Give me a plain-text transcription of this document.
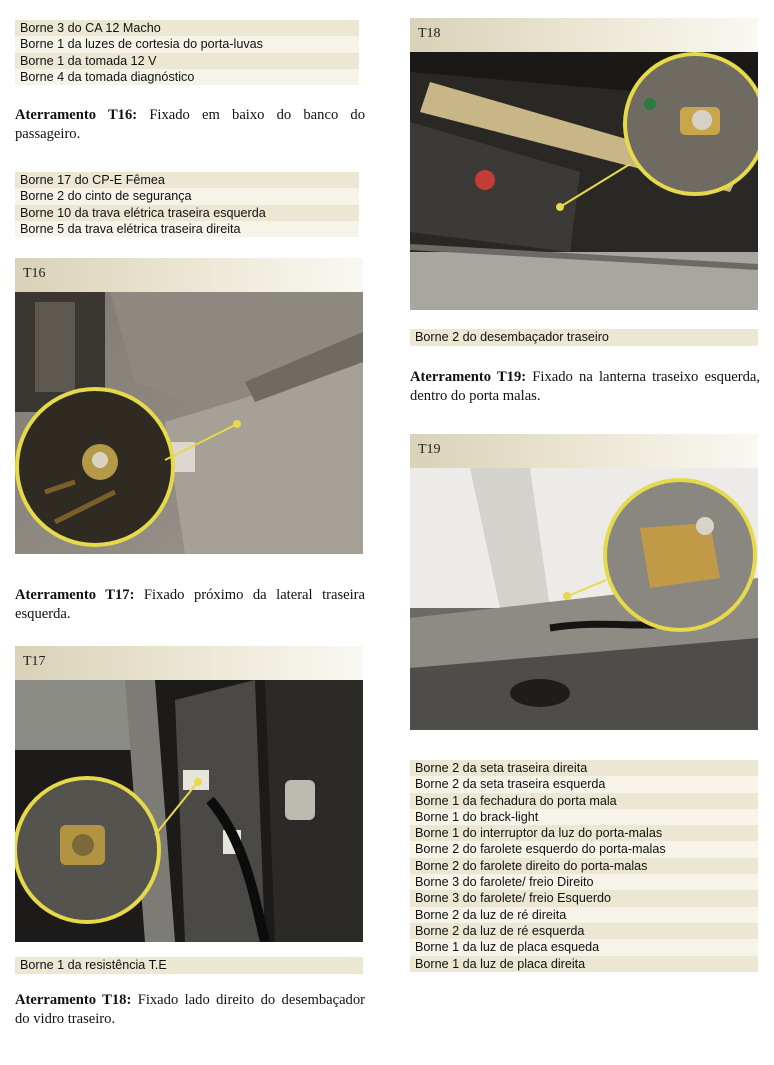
Borne 3 do CA 12 Macho
Borne 1 da luzes de cortesia do porta-luvas
Borne 1 da tomada 12 V
Borne 4 da tomada diagnóstico

Aterramento T16: Fixado em baixo do banco do passageiro.

Borne 17 do CP-E Fêmea
Borne 2 do cinto de segurança
Borne 10 da trava elétrica traseira esquerda
Borne 5 da trava elétrica traseira direita
T16

Aterramento T17: Fixado próximo da lateral traseira esquerda.

T17
Borne 1 da resistência T.E

Aterramento T18: Fixado lado direito do desembaçador do vidro traseiro.

T18
Borne 2 do desembaçador traseiro

Aterramento T19: Fixado na lanterna traseixo esquerda, dentro do porta malas.

T19
Borne 2 da seta traseira direita
Borne 2 da seta traseira esquerda
Borne 1 da fechadura do porta mala
Borne 1 do brack-light
Borne 1 do interruptor da luz do porta-malas
Borne 2 do farolete esquerdo do porta-malas
Borne 2 do farolete direito do porta-malas
Borne 3 do farolete/ freio Direito
Borne 3 do farolete/ freio Esquerdo
Borne 2 da luz de ré direita
Borne 2 da luz de ré esquerda
Borne 1 da luz de placa esqueda
Borne 1 da luz de placa direita
